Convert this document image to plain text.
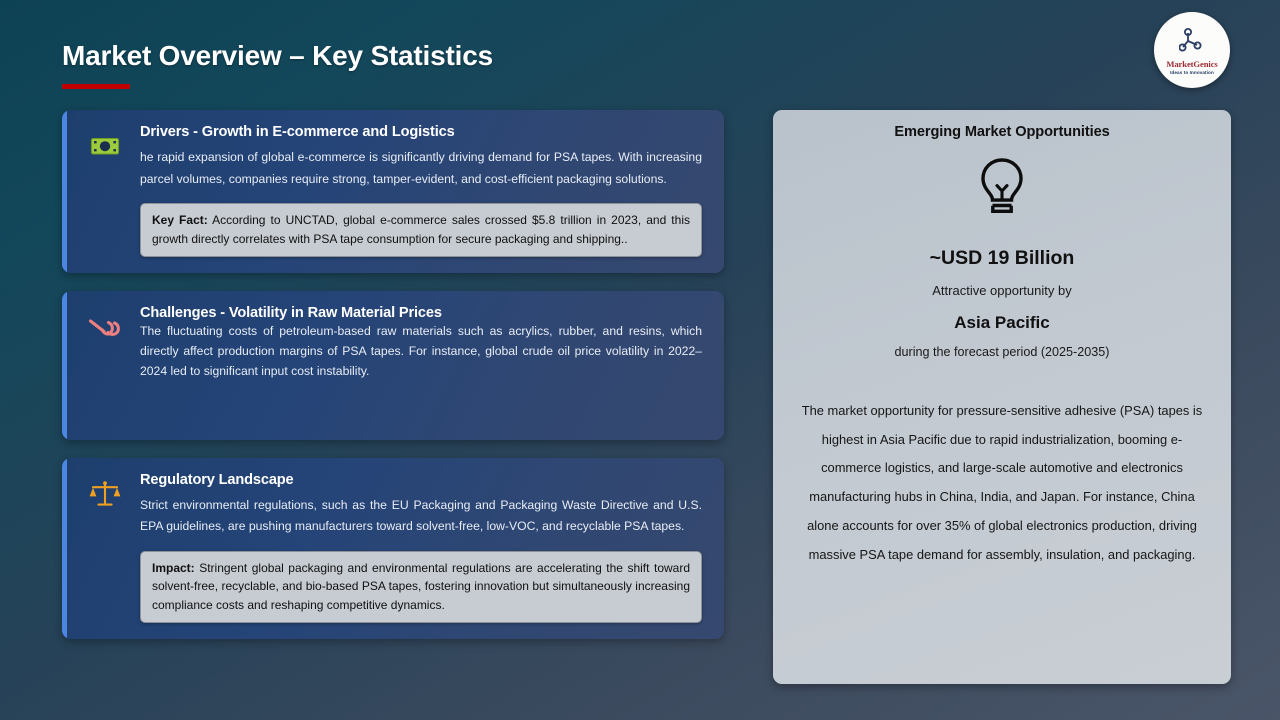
Market Overview – Key Statistics	MarketGenics
Ideas to Innovation
Drivers - Growth in E-commerce and Logistics
he rapid expansion of global e-commerce is significantly driving demand for PSA tapes. With increasing parcel volumes, companies require strong, tamper-evident, and cost-efficient packaging solutions.
Key Fact: According to UNCTAD, global e-commerce sales crossed $5.8 trillion in 2023, and this growth directly correlates with PSA tape consumption for secure packaging and shipping..
Challenges - Volatility in Raw Material Prices
The fluctuating costs of petroleum-based raw materials such as acrylics, rubber, and resins, which directly affect production margins of PSA tapes. For instance, global crude oil price volatility in 2022–2024 led to significant input cost instability.
Regulatory Landscape
Strict environmental regulations, such as the EU Packaging and Packaging Waste Directive and U.S. EPA guidelines, are pushing manufacturers toward solvent-free, low-VOC, and recyclable PSA tapes.
Impact: Stringent global packaging and environmental regulations are accelerating the shift toward solvent-free, recyclable, and bio-based PSA tapes, fostering innovation but simultaneously increasing compliance costs and reshaping competitive dynamics.
Emerging Market Opportunities
~USD 19 Billion
Attractive opportunity by
Asia Pacific
during the forecast period (2025-2035)
The market opportunity for pressure-sensitive adhesive (PSA) tapes is highest in Asia Pacific due to rapid industrialization, booming e-commerce logistics, and large-scale automotive and electronics manufacturing hubs in China, India, and Japan. For instance, China alone accounts for over 35% of global electronics production, driving massive PSA tape demand for assembly, insulation, and packaging.
